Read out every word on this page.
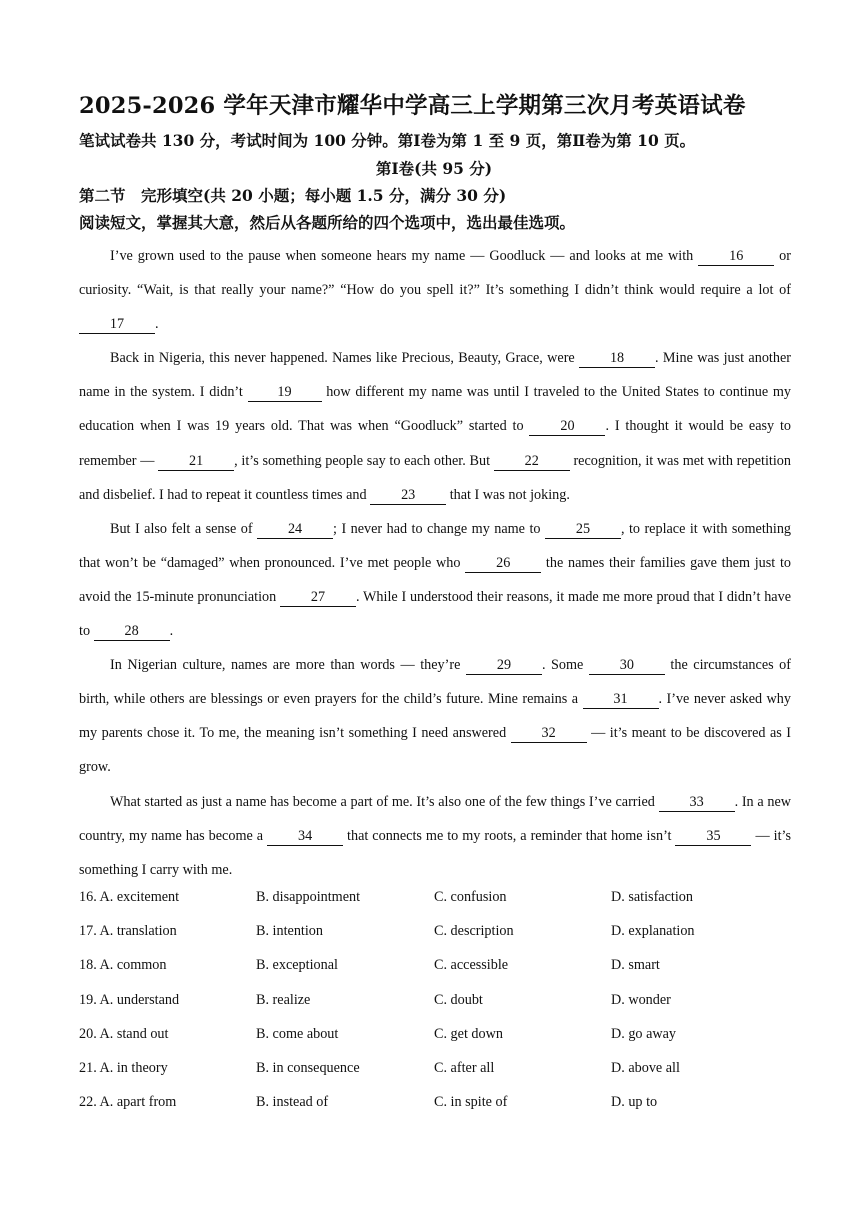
2025-2026 学年天津市耀华中学高三上学期第三次月考英语试卷
笔试试卷共 130 分，考试时间为 100 分钟。第Ⅰ卷为第 1 至 9 页，第Ⅱ卷为第 10 页。
第Ⅰ卷(共 95 分)
第二节　完形填空(共 20 小题；每小题 1.5 分，满分 30 分)
阅读短文，掌握其大意，然后从各题所给的四个选项中，选出最佳选项。

I’ve grown used to the pause when someone hears my name — Goodluck — and looks at me with 16 or curiosity. “Wait, is that really your name?” “How do you spell it?” It’s something I didn’t think would require a lot of 17 .

Back in Nigeria, this never happened. Names like Precious, Beauty, Grace, were 18 . Mine was just another name in the system. I didn’t 19 how different my name was until I traveled to the United States to continue my education when I was 19 years old. That was when “Goodluck” started to 20 . I thought it would be easy to remember — 21 , it’s something people say to each other. But 22 recognition, it was met with repetition and disbelief. I had to repeat it countless times and 23 that I was not joking.

But I also felt a sense of 24 ; I never had to change my name to 25 , to replace it with something that won’t be “damaged” when pronounced. I’ve met people who 26 the names their families gave them just to avoid the 15-minute pronunciation 27 . While I understood their reasons, it made me more proud that I didn’t have to 28 .

In Nigerian culture, names are more than words — they’re 29 . Some 30 the circumstances of birth, while others are blessings or even prayers for the child’s future. Mine remains a 31 . I’ve never asked why my parents chose it. To me, the meaning isn’t something I need answered 32 — it’s meant to be discovered as I grow.

What started as just a name has become a part of me. It’s also one of the few things I’ve carried 33 . In a new country, my name has become a 34 that connects me to my roots, a reminder that home isn’t 35 — it’s something I carry with me.

16. A. excitement	B. disappointment	C. confusion	D. satisfaction
17. A. translation	B. intention	C. description	D. explanation
18. A. common	B. exceptional	C. accessible	D. smart
19. A. understand	B. realize	C. doubt	D. wonder
20. A. stand out	B. come about	C. get down	D. go away
21. A. in theory	B. in consequence	C. after all	D. above all
22. A. apart from	B. instead of	C. in spite of	D. up to
